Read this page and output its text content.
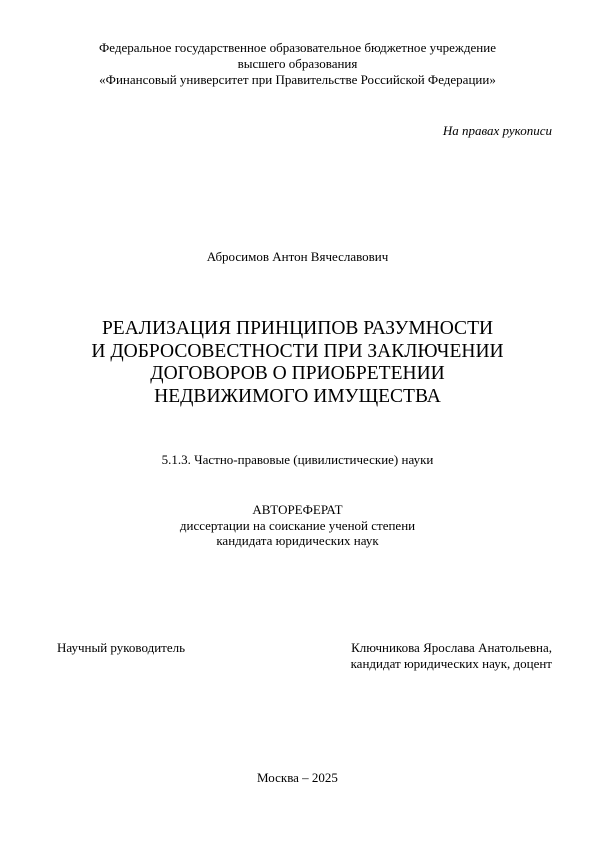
Федеральное государственное образовательное бюджетное учреждение
высшего образования
«Финансовый университет при Правительстве Российской Федерации»
На правах рукописи
Абросимов Антон Вячеславович
РЕАЛИЗАЦИЯ ПРИНЦИПОВ РАЗУМНОСТИ
И ДОБРОСОВЕСТНОСТИ ПРИ ЗАКЛЮЧЕНИИ
ДОГОВОРОВ О ПРИОБРЕТЕНИИ
НЕДВИЖИМОГО ИМУЩЕСТВА
5.1.3. Частно-правовые (цивилистические) науки
АВТОРЕФЕРАТ
диссертации на соискание ученой степени
кандидата юридических наук
Научный руководитель	Ключникова Ярослава Анатольевна,
кандидат юридических наук, доцент
Москва – 2025
